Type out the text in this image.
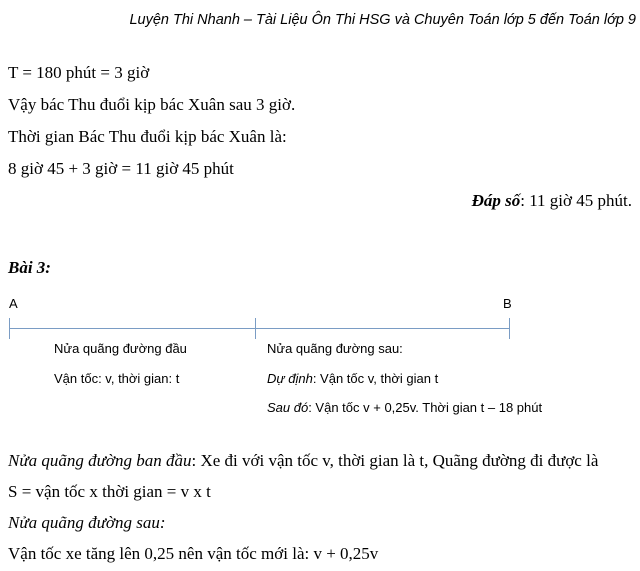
Luyện Thi Nhanh – Tài Liệu Ôn Thi HSG và Chuyên Toán lớp 5 đến Toán lớp 9
T = 180 phút = 3 giờ
Vậy bác Thu đuổi kịp bác Xuân sau 3 giờ.
Thời gian Bác Thu đuổi kịp bác Xuân là:
8 giờ 45 + 3 giờ = 11 giờ 45 phút
Đáp số: 11 giờ 45 phút.
Bài 3:
A	B
Nửa quãng đường đầu
Vận tốc: v, thời gian: t
Nửa quãng đường sau:
Dự định: Vận tốc v, thời gian t
Sau đó: Vận tốc v + 0,25v. Thời gian t – 18 phút
Nửa quãng đường ban đầu: Xe đi với vận tốc v, thời gian là t, Quãng đường đi được là
S = vận tốc x thời gian = v x t
Nửa quãng đường sau:
Vận tốc xe tăng lên 0,25 nên vận tốc mới là: v + 0,25v
